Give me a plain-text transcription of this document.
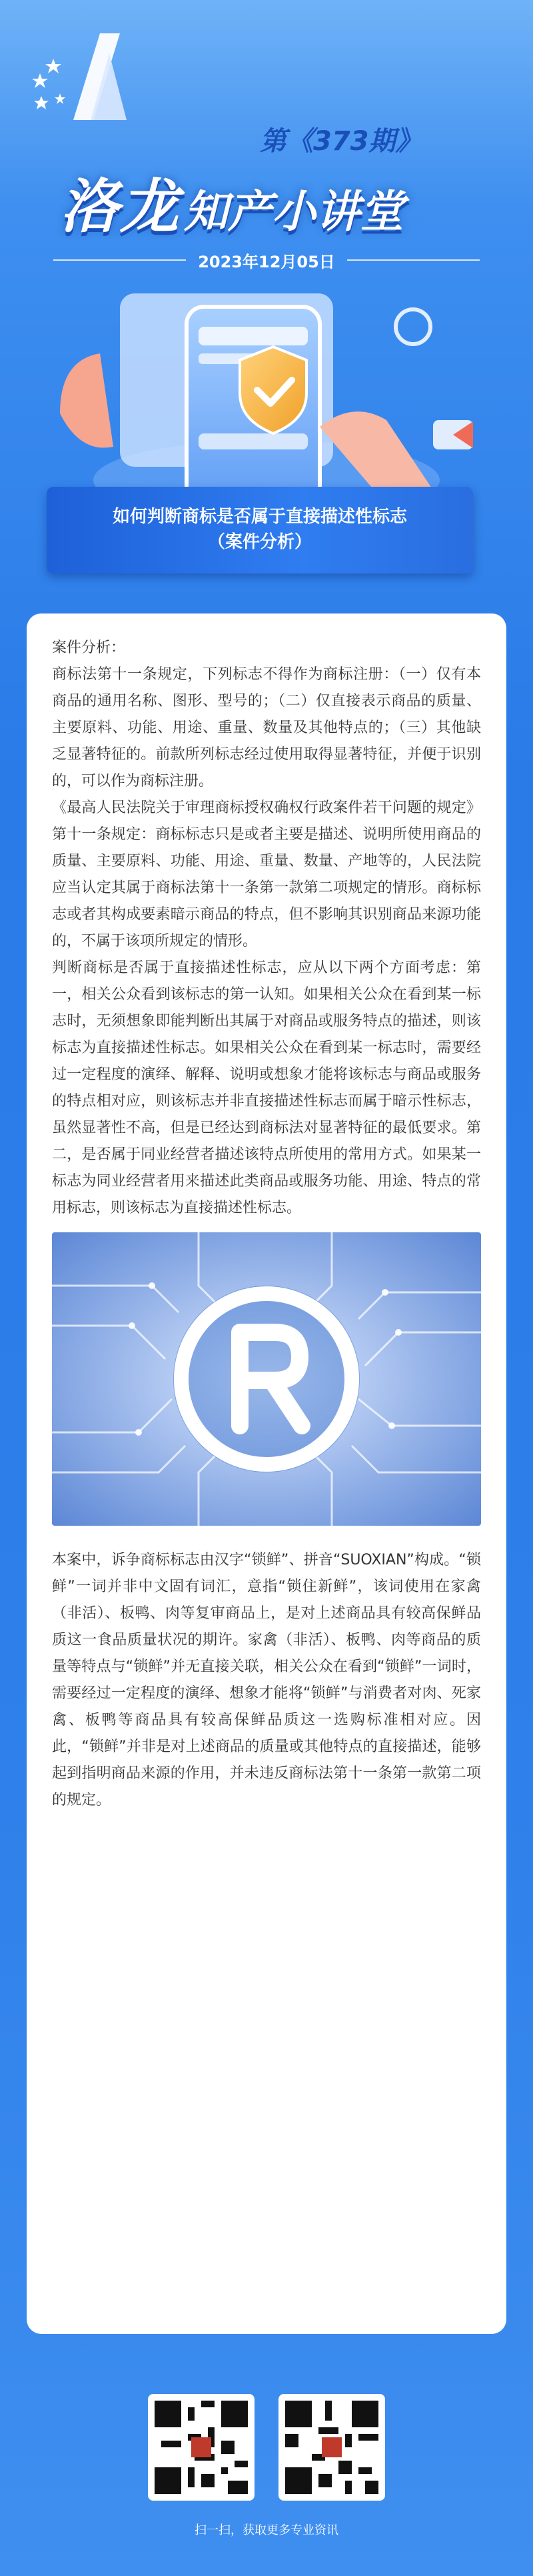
第《373期》
洛龙知产小讲堂
2023年12月05日
如何判断商标是否属于直接描述性标志
（案件分析）

案件分析：

商标法第十一条规定，下列标志不得作为商标注册：（一）仅有本商品的通用名称、图形、型号的；（二）仅直接表示商品的质量、主要原料、功能、用途、重量、数量及其他特点的；（三）其他缺乏显著特征的。前款所列标志经过使用取得显著特征，并便于识别的，可以作为商标注册。

《最高人民法院关于审理商标授权确权行政案件若干问题的规定》第十一条规定：商标标志只是或者主要是描述、说明所使用商品的质量、主要原料、功能、用途、重量、数量、产地等的，人民法院应当认定其属于商标法第十一条第一款第二项规定的情形。商标标志或者其构成要素暗示商品的特点，但不影响其识别商品来源功能的，不属于该项所规定的情形。

判断商标是否属于直接描述性标志，应从以下两个方面考虑：第一，相关公众看到该标志的第一认知。如果相关公众在看到某一标志时，无须想象即能判断出其属于对商品或服务特点的描述，则该标志为直接描述性标志。如果相关公众在看到某一标志时，需要经过一定程度的演绎、解释、说明或想象才能将该标志与商品或服务的特点相对应，则该标志并非直接描述性标志而属于暗示性标志，虽然显著性不高，但是已经达到商标法对显著特征的最低要求。第二，是否属于同业经营者描述该特点所使用的常用方式。如果某一标志为同业经营者用来描述此类商品或服务功能、用途、特点的常用标志，则该标志为直接描述性标志。

本案中，诉争商标标志由汉字“锁鲜”、拼音“SUOXIAN”构成。“锁鲜”一词并非中文固有词汇，意指“锁住新鲜”，该词使用在家禽（非活）、板鸭、肉等复审商品上，是对上述商品具有较高保鲜品质这一食品质量状况的期许。家禽（非活）、板鸭、肉等商品的质量等特点与“锁鲜”并无直接关联，相关公众在看到“锁鲜”一词时，需要经过一定程度的演绎、想象才能将“锁鲜”与消费者对肉、死家禽、板鸭等商品具有较高保鲜品质这一选购标准相对应。因此，“锁鲜”并非是对上述商品的质量或其他特点的直接描述，能够起到指明商品来源的作用，并未违反商标法第十一条第一款第二项的规定。

扫一扫，获取更多专业资讯
